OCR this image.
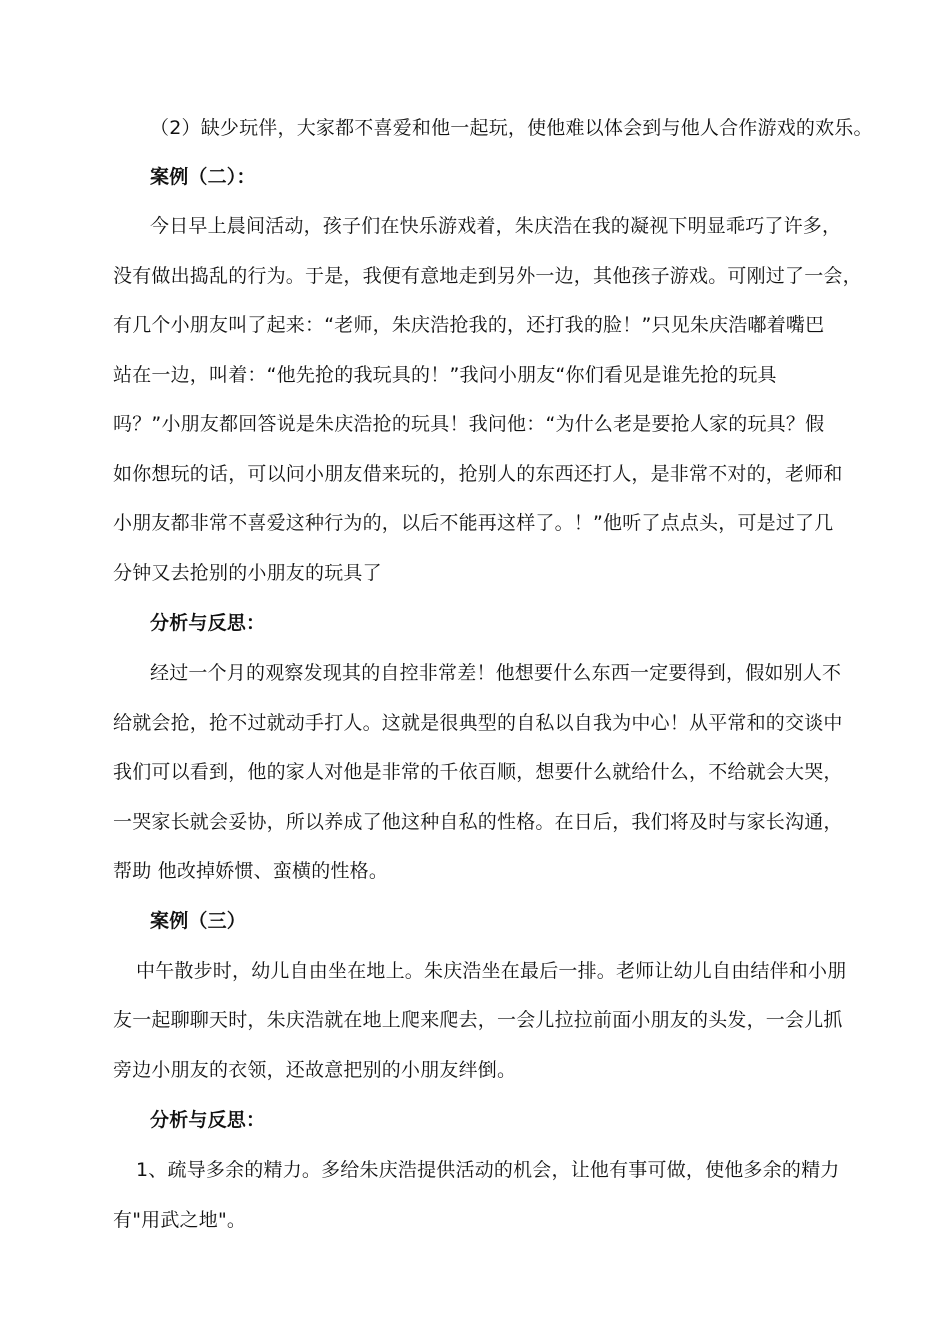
（2）缺少玩伴，大家都不喜爱和他一起玩，使他难以体会到与他人合作游戏的欢乐。
案例（二）：
今日早上晨间活动，孩子们在快乐游戏着，朱庆浩在我的凝视下明显乖巧了许多，
没有做出捣乱的行为。于是，我便有意地走到另外一边，其他孩子游戏。可刚过了一会，
有几个小朋友叫了起来：“老师，朱庆浩抢我的，还打我的脸！”只见朱庆浩嘟着嘴巴
站在一边，叫着：“他先抢的我玩具的！”我问小朋友“你们看见是谁先抢的玩具
吗？”小朋友都回答说是朱庆浩抢的玩具！我问他：“为什么老是要抢人家的玩具？假
如你想玩的话，可以问小朋友借来玩的，抢别人的东西还打人，是非常不对的，老师和
小朋友都非常不喜爱这种行为的，以后不能再这样了。！”他听了点点头，可是过了几
分钟又去抢别的小朋友的玩具了
分析与反思：
经过一个月的观察发现其的自控非常差！他想要什么东西一定要得到，假如别人不
给就会抢，抢不过就动手打人。这就是很典型的自私以自我为中心！从平常和的交谈中
我们可以看到，他的家人对他是非常的千依百顺，想要什么就给什么，不给就会大哭，
一哭家长就会妥协，所以养成了他这种自私的性格。在日后，我们将及时与家长沟通，
帮助 他改掉娇惯、蛮横的性格。
案例（三）
中午散步时，幼儿自由坐在地上。朱庆浩坐在最后一排。老师让幼儿自由结伴和小朋
友一起聊聊天时，朱庆浩就在地上爬来爬去，一会儿拉拉前面小朋友的头发，一会儿抓
旁边小朋友的衣领，还故意把别的小朋友绊倒。
分析与反思：
1、疏导多余的精力。多给朱庆浩提供活动的机会，让他有事可做，使他多余的精力
有"用武之地"。
